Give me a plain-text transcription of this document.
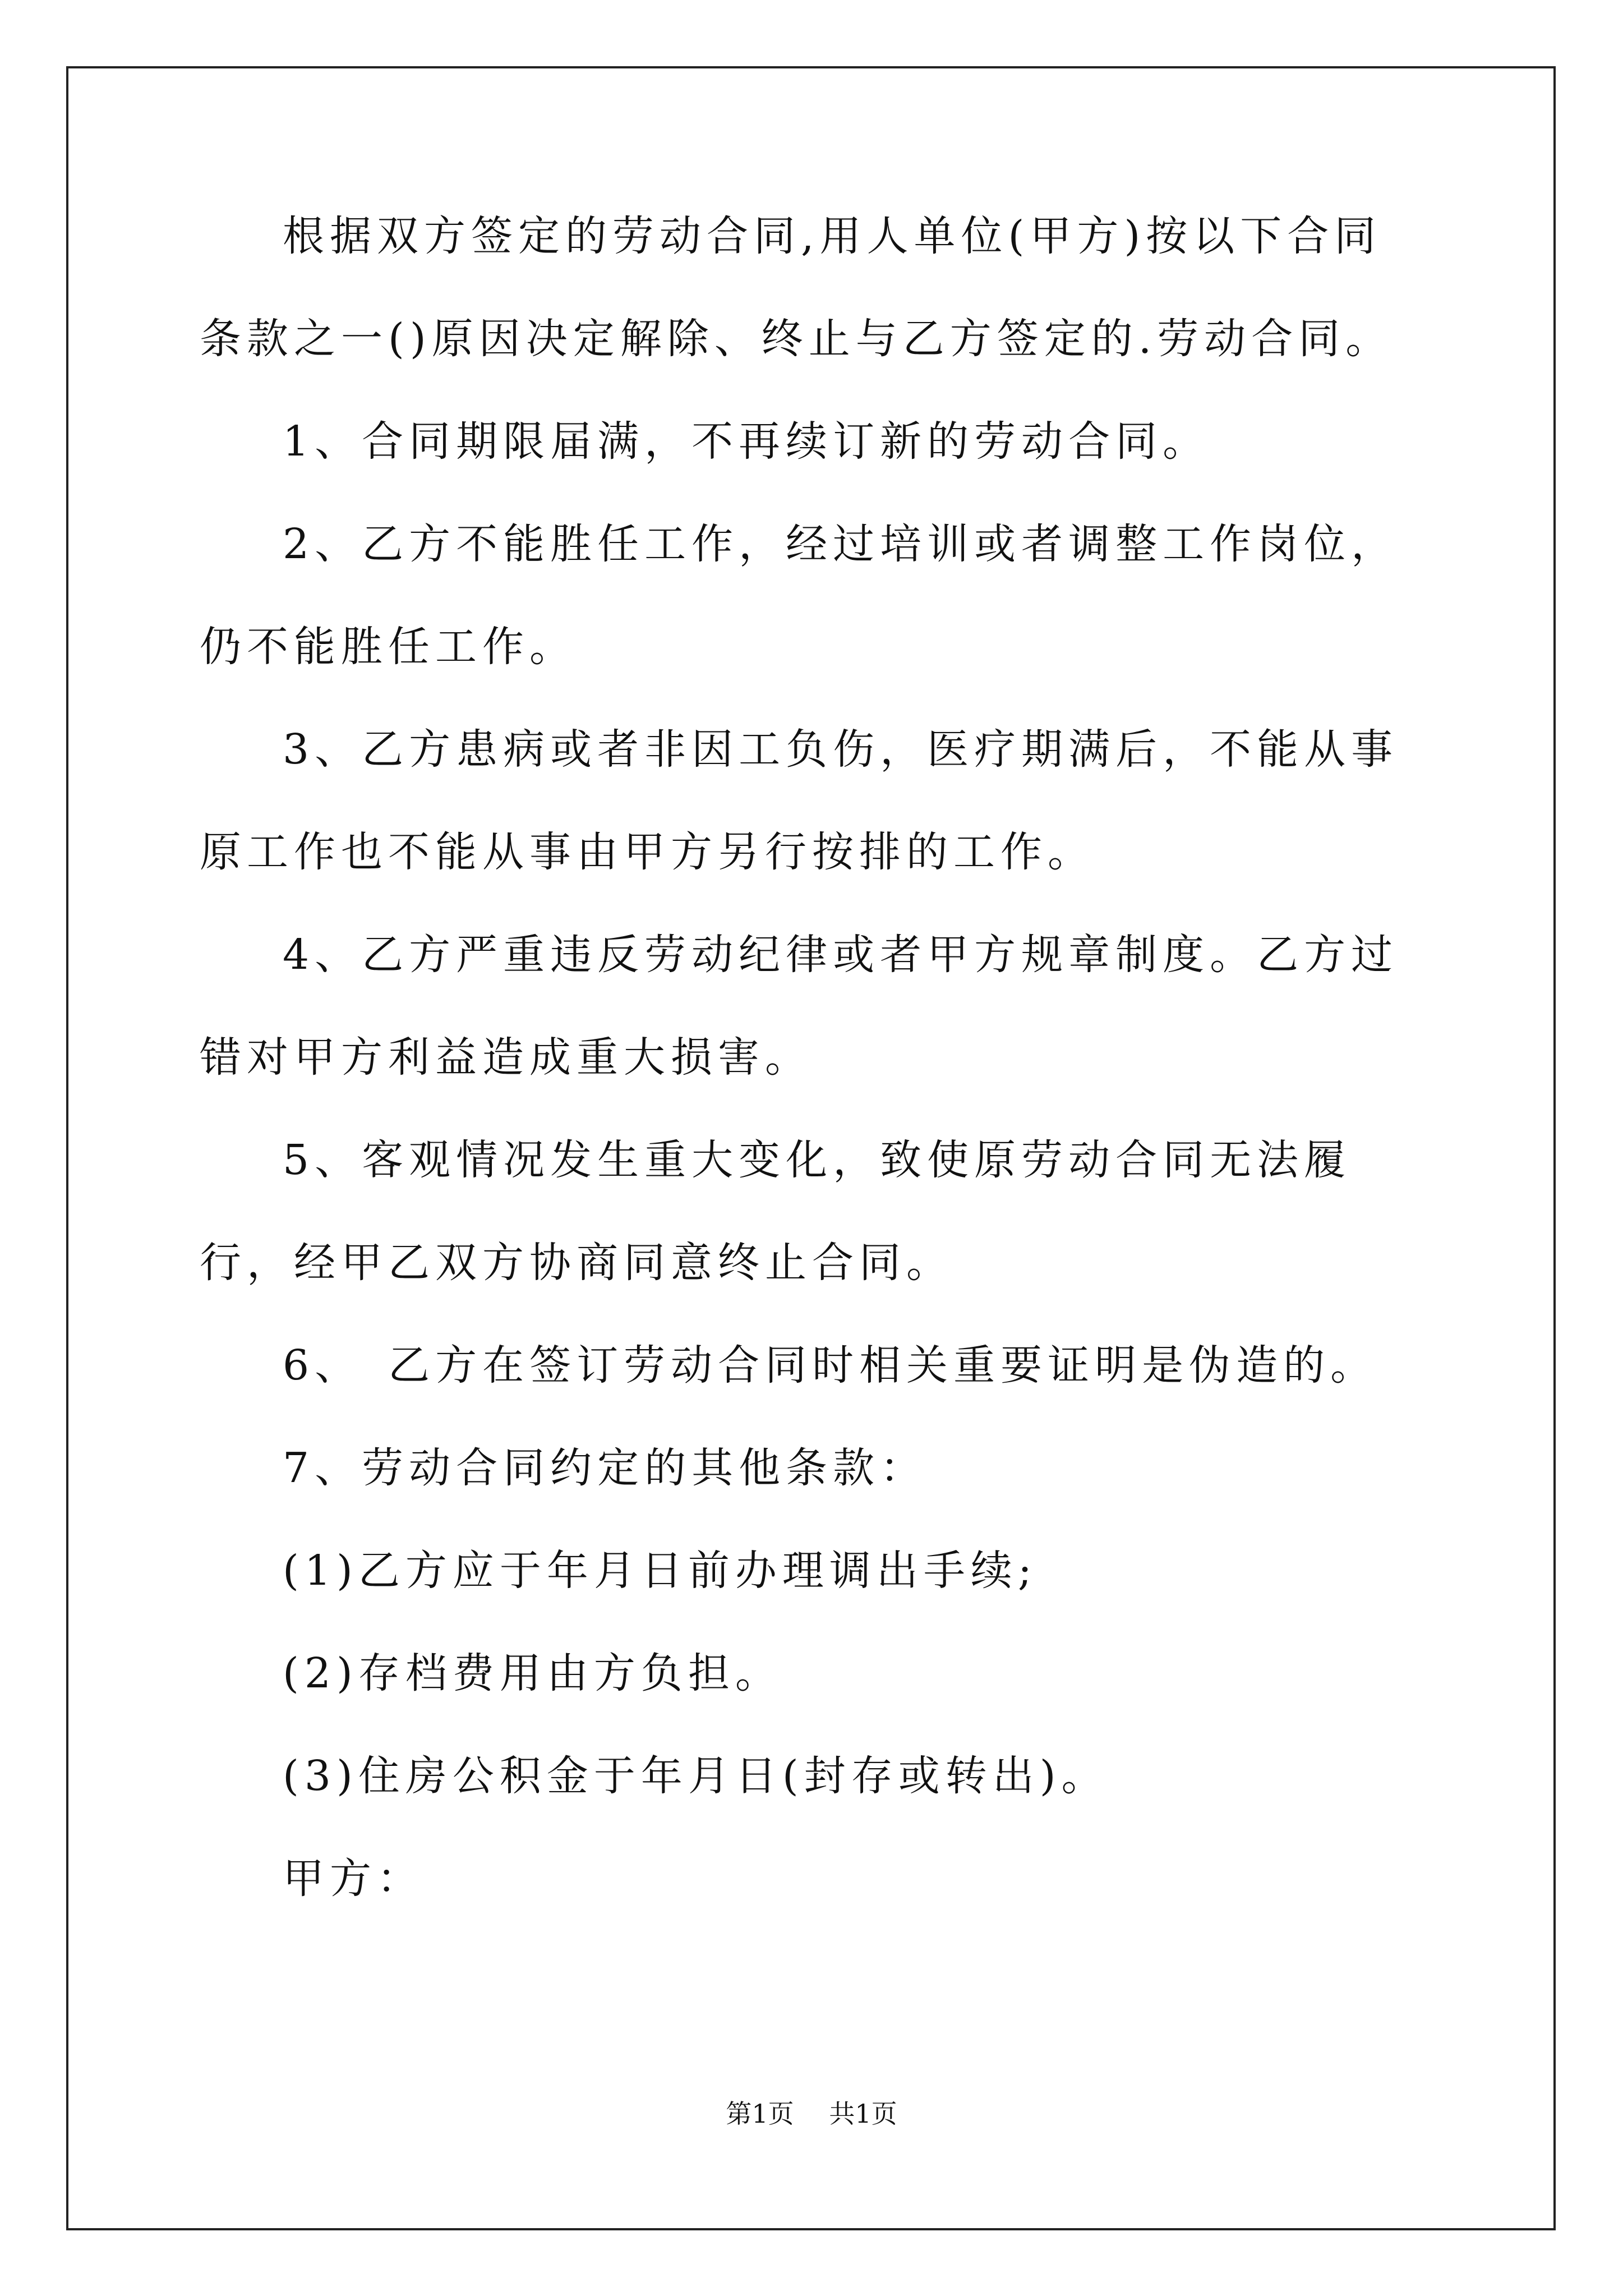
根据双方签定的劳动合同,用人单位(甲方)按以下合同条款之一()原因决定解除、终止与乙方签定的.劳动合同。

1、合同期限届满，不再续订新的劳动合同。

2、乙方不能胜任工作，经过培训或者调整工作岗位，仍不能胜任工作。

3、乙方患病或者非因工负伤，医疗期满后，不能从事原工作也不能从事由甲方另行按排的工作。

4、乙方严重违反劳动纪律或者甲方规章制度。乙方过错对甲方利益造成重大损害。

5、客观情况发生重大变化，致使原劳动合同无法履行，经甲乙双方协商同意终止合同。

6、　乙方在签订劳动合同时相关重要证明是伪造的。

7、劳动合同约定的其他条款：

(1)乙方应于年月日前办理调出手续;

(2)存档费用由方负担。

(3)住房公积金于年月日(封存或转出)。

甲方：

第1页 共1页
